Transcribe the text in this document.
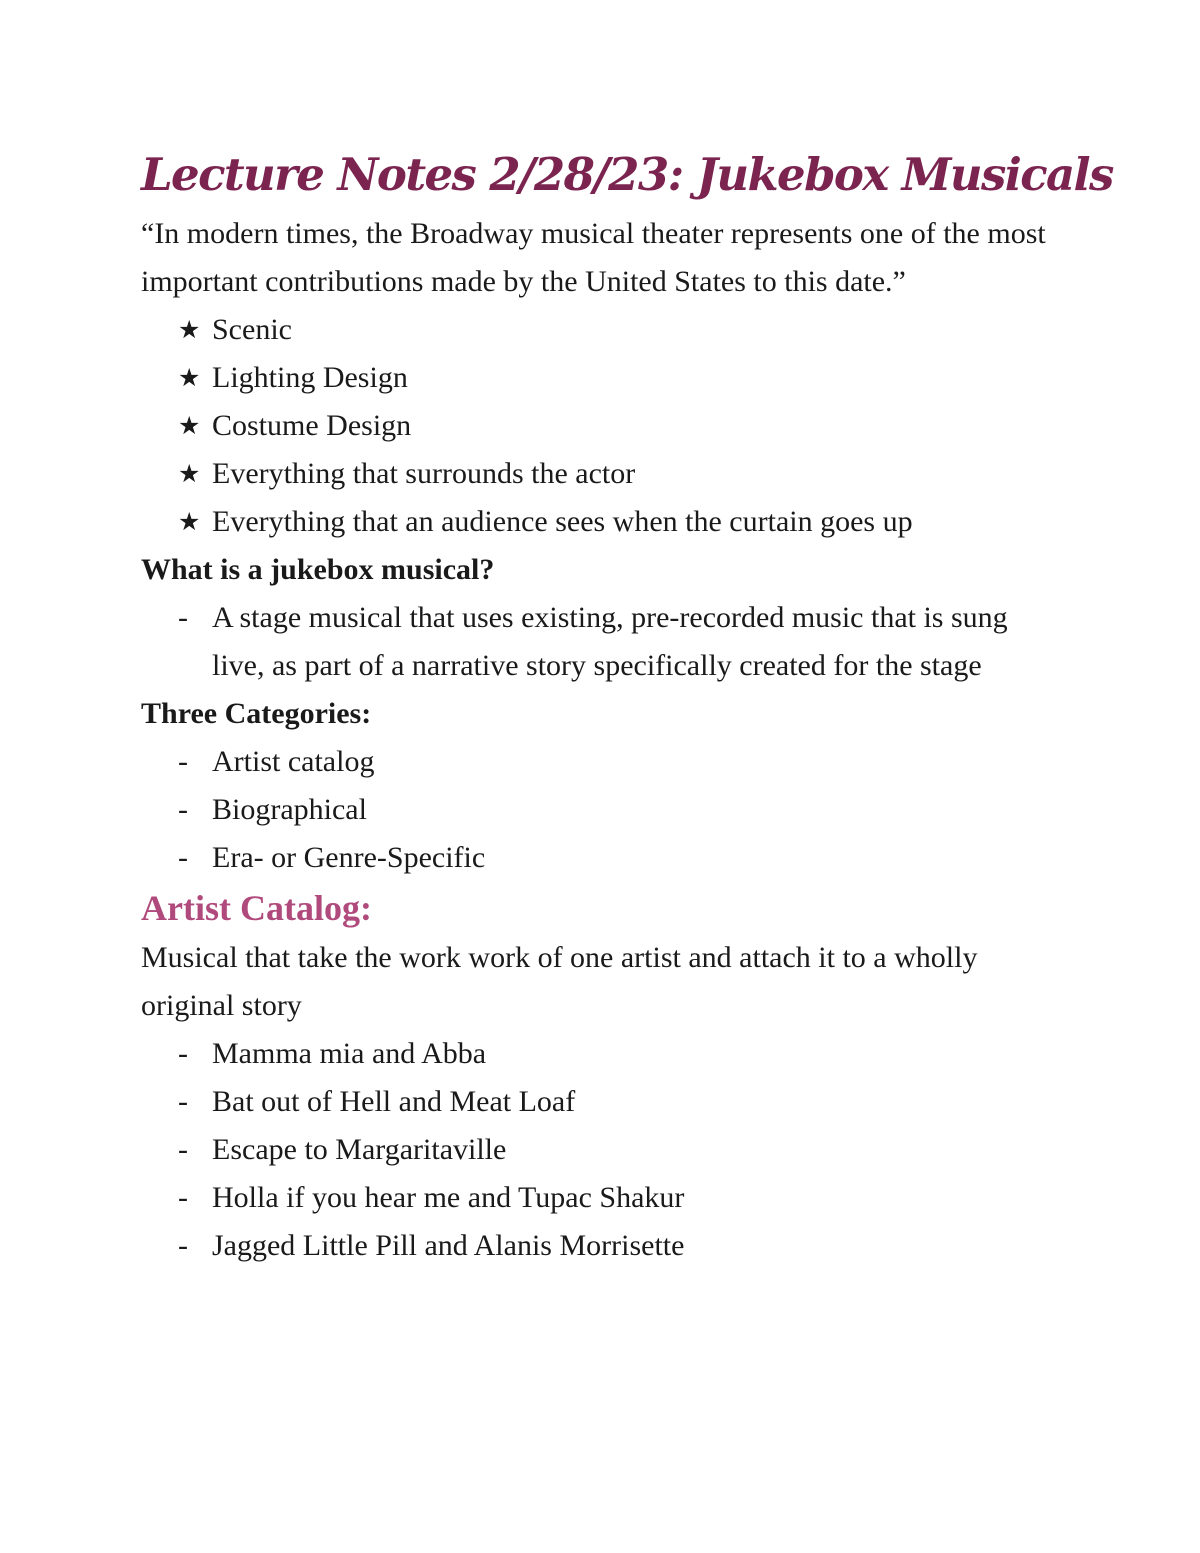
Lecture Notes 2/28/23: Jukebox Musicals

“In modern times, the Broadway musical theater represents one of the most important contributions made by the United States to this date.”

★ Scenic
★ Lighting Design
★ Costume Design
★ Everything that surrounds the actor
★ Everything that an audience sees when the curtain goes up

What is a jukebox musical?

- A stage musical that uses existing, pre-recorded music that is sung live, as part of a narrative story specifically created for the stage

Three Categories:

- Artist catalog
- Biographical
- Era- or Genre-Specific
Artist Catalog:

Musical that take the work work of one artist and attach it to a wholly original story

- Mamma mia and Abba
- Bat out of Hell and Meat Loaf
- Escape to Margaritaville
- Holla if you hear me and Tupac Shakur
- Jagged Little Pill and Alanis Morrisette
